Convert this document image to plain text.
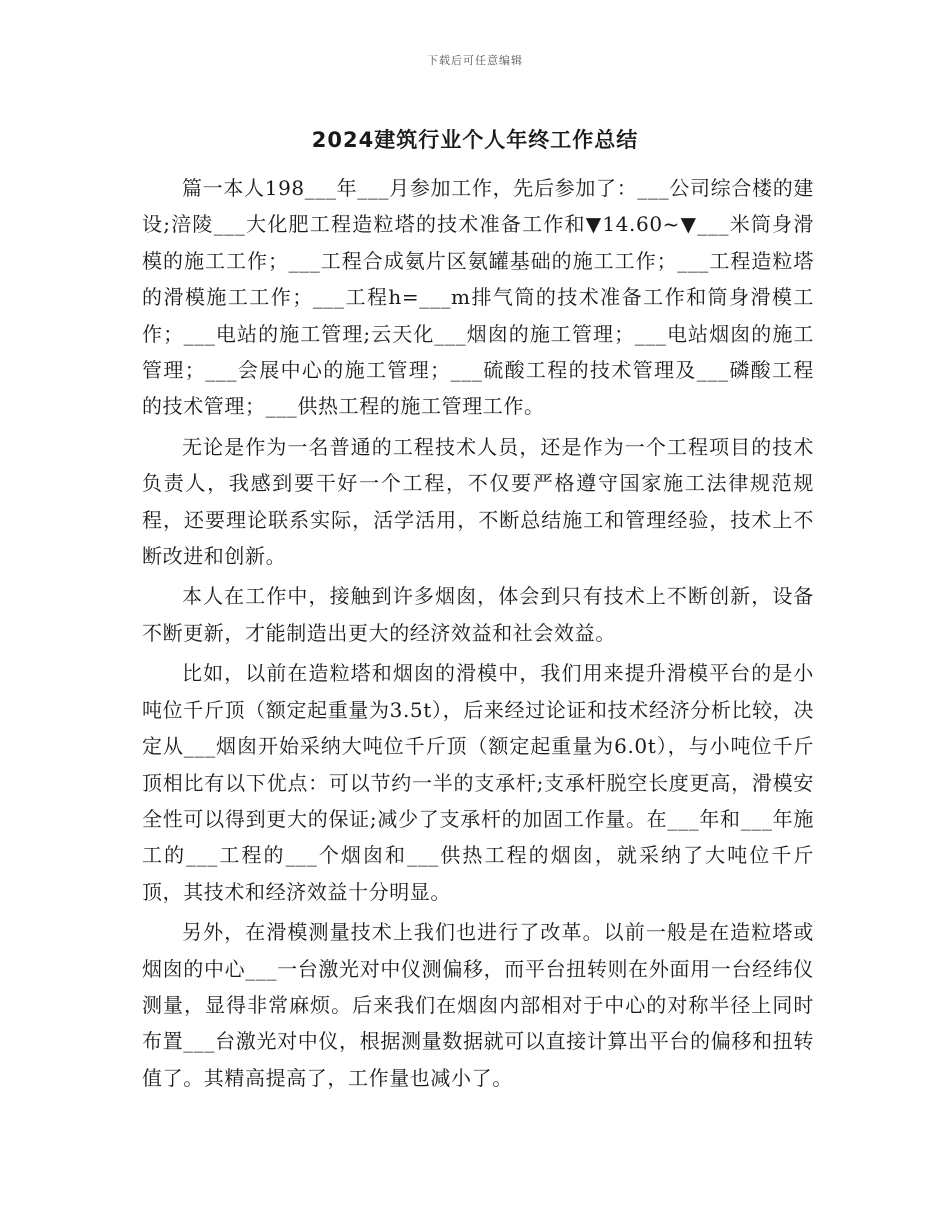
下载后可任意编辑
2024建筑行业个人年终工作总结

篇一本人198___年___月参加工作，先后参加了：___公司综合楼的建设;涪陵___大化肥工程造粒塔的技术准备工作和▼14.60~▼___米筒身滑模的施工工作；___工程合成氨片区氨罐基础的施工工作；___工程造粒塔的滑模施工工作；___工程h=___m排气筒的技术准备工作和筒身滑模工作；___电站的施工管理;云天化___烟囱的施工管理；___电站烟囱的施工管理；___会展中心的施工管理；___硫酸工程的技术管理及___磷酸工程的技术管理；___供热工程的施工管理工作。

无论是作为一名普通的工程技术人员，还是作为一个工程项目的技术负责人，我感到要干好一个工程，不仅要严格遵守国家施工法律规范规程，还要理论联系实际，活学活用，不断总结施工和管理经验，技术上不断改进和创新。

本人在工作中，接触到许多烟囱，体会到只有技术上不断创新，设备不断更新，才能制造出更大的经济效益和社会效益。

比如，以前在造粒塔和烟囱的滑模中，我们用来提升滑模平台的是小吨位千斤顶（额定起重量为3.5t），后来经过论证和技术经济分析比较，决定从___烟囱开始采纳大吨位千斤顶（额定起重量为6.0t），与小吨位千斤顶相比有以下优点：可以节约一半的支承杆;支承杆脱空长度更高，滑模安全性可以得到更大的保证;减少了支承杆的加固工作量。在___年和___年施工的___工程的___个烟囱和___供热工程的烟囱，就采纳了大吨位千斤顶，其技术和经济效益十分明显。

另外，在滑模测量技术上我们也进行了改革。以前一般是在造粒塔或烟囱的中心___一台激光对中仪测偏移，而平台扭转则在外面用一台经纬仪测量，显得非常麻烦。后来我们在烟囱内部相对于中心的对称半径上同时布置___台激光对中仪，根据测量数据就可以直接计算出平台的偏移和扭转值了。其精高提高了，工作量也减小了。
